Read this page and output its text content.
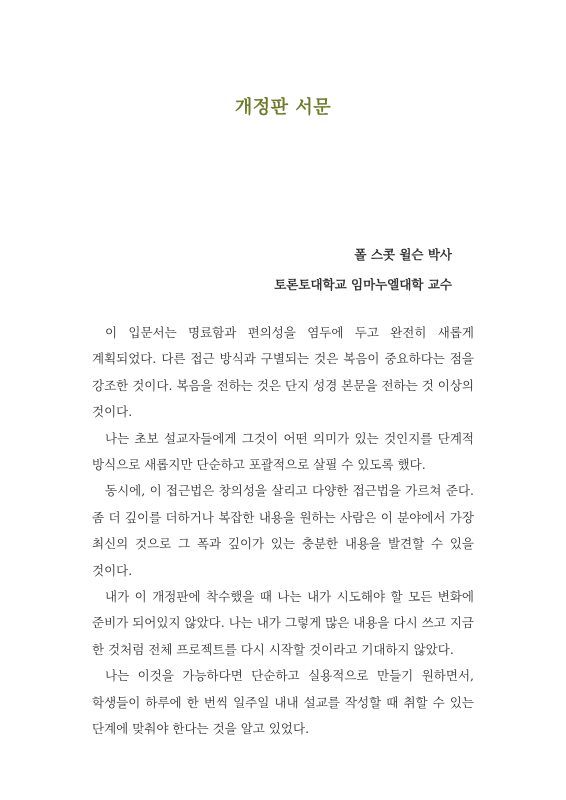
개정판 서문
폴 스콧 윌슨 박사
토론토대학교 임마누엘대학 교수

이 입문서는 명료함과 편의성을 염두에 두고 완전히 새롭게 계획되었다. 다른 접근 방식과 구별되는 것은 복음이 중요하다는 점을 강조한 것이다. 복음을 전하는 것은 단지 성경 본문을 전하는 것 이상의 것이다.

나는 초보 설교자들에게 그것이 어떤 의미가 있는 것인지를 단계적 방식으로 새롭지만 단순하고 포괄적으로 살필 수 있도록 했다.

동시에, 이 접근법은 창의성을 살리고 다양한 접근법을 가르쳐 준다. 좀 더 깊이를 더하거나 복잡한 내용을 원하는 사람은 이 분야에서 가장 최신의 것으로 그 폭과 깊이가 있는 충분한 내용을 발견할 수 있을 것이다.

내가 이 개정판에 착수했을 때 나는 내가 시도해야 할 모든 변화에 준비가 되어있지 않았다. 나는 내가 그렇게 많은 내용을 다시 쓰고 지금 한 것처럼 전체 프로젝트를 다시 시작할 것이라고 기대하지 않았다.

나는 이것을 가능하다면 단순하고 실용적으로 만들기 원하면서, 학생들이 하루에 한 번씩 일주일 내내 설교를 작성할 때 취할 수 있는 단계에 맞춰야 한다는 것을 알고 있었다.
